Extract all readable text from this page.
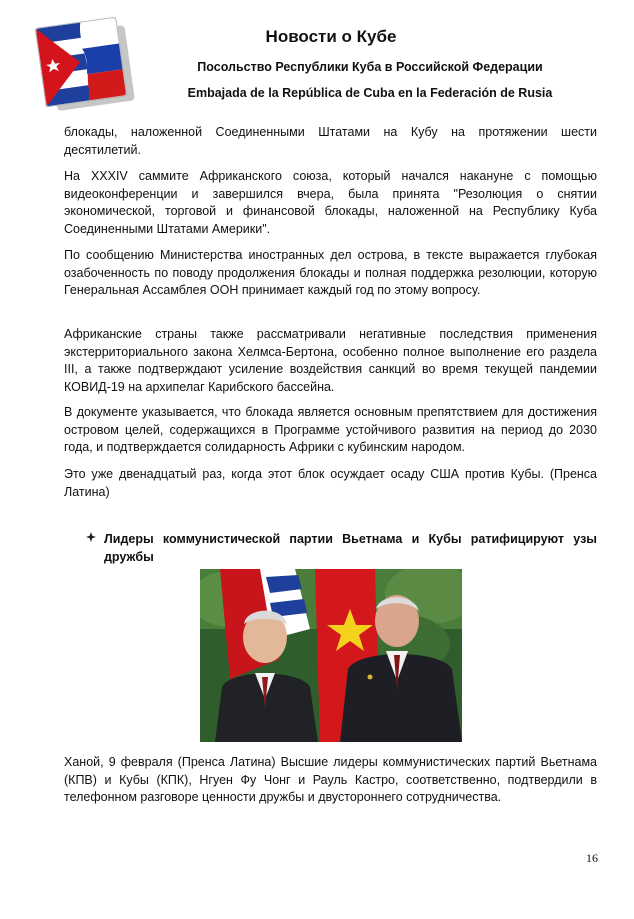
Новости о Кубе
Посольство Республики Куба в Российской Федерации
Embajada de la República de Cuba en la Federación de Rusia
блокады, наложенной Соединенными Штатами на Кубу на протяжении шести десятилетий.
На XXXIV саммите Африканского союза, который начался накануне с помощью видеоконференции и завершился вчера, была принята "Резолюция о снятии экономической, торговой и финансовой блокады, наложенной на Республику Куба Соединенными Штатами Америки".
По сообщению Министерства иностранных дел острова, в тексте выражается глубокая озабоченность по поводу продолжения блокады и полная поддержка резолюции, которую Генеральная Ассамблея ООН принимает каждый год по этому вопросу.
Африканские страны также рассматривали негативные последствия применения экстерриториального закона Хелмса-Бертона, особенно полное выполнение его раздела III, а также подтверждают усиление воздействия санкций во время текущей пандемии КОВИД-19 на архипелаг Карибского бассейна.
В документе указывается, что блокада является основным препятствием для достижения островом целей, содержащихся в Программе устойчивого развития на период до 2030 года, и подтверждается солидарность Африки с кубинским народом.
Это уже двенадцатый раз, когда этот блок осуждает осаду США против Кубы. (Пренса Латина)
Лидеры коммунистической партии Вьетнама и Кубы ратифицируют узы дружбы
Ханой, 9 февраля (Пренса Латина) Высшие лидеры коммунистических партий Вьетнама (КПВ) и Кубы (КПК), Нгуен Фу Чонг и Рауль Кастро, соответственно, подтвердили в телефонном разговоре ценности дружбы и двустороннего сотрудничества.
16
